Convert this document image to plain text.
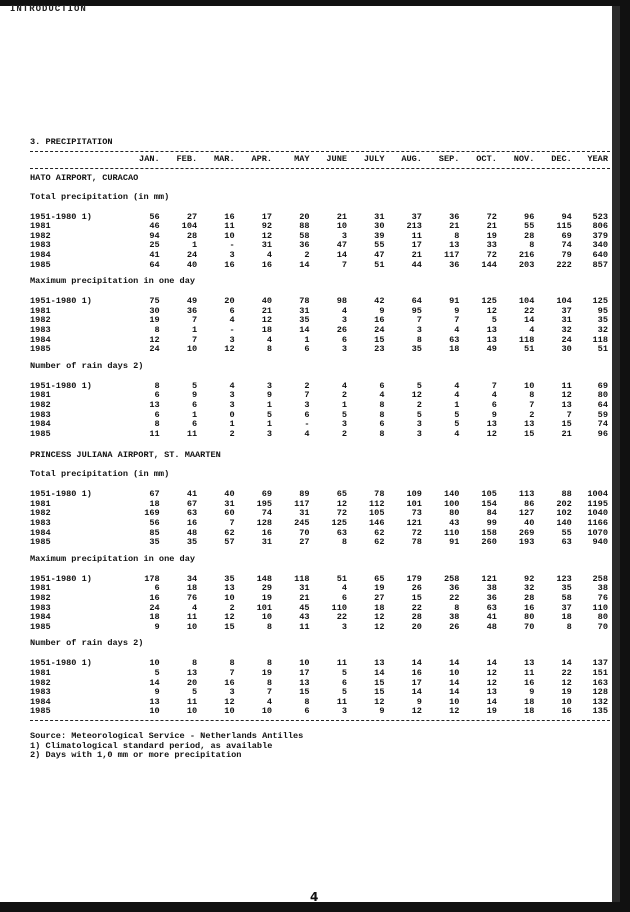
INTRODUCTION
3. PRECIPITATION
	JAN.	FEB.	MAR.	APR.	MAY	JUNE	JULY	AUG.	SEP.	OCT.	NOV.	DEC.	YEAR
HATO AIRPORT, CURACAO
Total precipitation (in mm)
1951-1980 1)	56	27	16	17	20	21	31	37	36	72	96	94	523
1981	46	104	11	92	88	10	30	213	21	21	55	115	806
1982	94	28	10	12	58	3	39	11	8	19	28	69	379
1983	25	1	-	31	36	47	55	17	13	33	8	74	340
1984	41	24	3	4	2	14	47	21	117	72	216	79	640
1985	64	40	16	16	14	7	51	44	36	144	203	222	857
Maximum precipitation in one day
1951-1980 1)	75	49	20	40	78	98	42	64	91	125	104	104	125
1981	30	36	6	21	31	4	9	95	9	12	22	37	95
1982	19	7	4	12	35	3	16	7	7	5	14	31	35
1983	8	1	-	18	14	26	24	3	4	13	4	32	32
1984	12	7	3	4	1	6	15	8	63	13	118	24	118
1985	24	10	12	8	6	3	23	35	18	49	51	30	51
Number of rain days 2)
1951-1980 1)	8	5	4	3	2	4	6	5	4	7	10	11	69
1981	6	9	3	9	7	2	4	12	4	4	8	12	80
1982	13	6	3	1	3	1	8	2	1	6	7	13	64
1983	6	1	0	5	6	5	8	5	5	9	2	7	59
1984	8	6	1	1	-	3	6	3	5	13	13	15	74
1985	11	11	2	3	4	2	8	3	4	12	15	21	96
PRINCESS JULIANA AIRPORT, ST. MAARTEN
Total precipitation (in mm)
1951-1980 1)	67	41	40	69	89	65	78	109	140	105	113	88	1004
1981	18	67	31	195	117	12	112	101	100	154	86	202	1195
1982	169	63	60	74	31	72	105	73	80	84	127	102	1040
1983	56	16	7	128	245	125	146	121	43	99	40	140	1166
1984	85	48	62	16	70	63	62	72	110	158	269	55	1070
1985	35	35	57	31	27	8	62	78	91	260	193	63	940
Maximum precipitation in one day
1951-1980 1)	178	34	35	148	118	51	65	179	258	121	92	123	258
1981	6	18	13	29	31	4	19	26	36	38	32	35	38
1982	16	76	10	19	21	6	27	15	22	36	28	58	76
1983	24	4	2	101	45	110	18	22	8	63	16	37	110
1984	18	11	12	10	43	22	12	28	38	41	80	18	80
1985	9	10	15	8	11	3	12	20	26	48	70	8	70
Number of rain days 2)
1951-1980 1)	10	8	8	8	10	11	13	14	14	14	13	14	137
1981	5	13	7	19	17	5	14	16	10	12	11	22	151
1982	14	20	16	8	13	6	15	17	14	12	16	12	163
1983	9	5	3	7	15	5	15	14	14	13	9	19	128
1984	13	11	12	4	8	11	12	9	10	14	18	10	132
1985	10	10	10	10	6	3	9	12	12	19	18	16	135
Source: Meteorological Service - Netherlands Antilles
1) Climatological standard period, as available
2) Days with 1,0 mm or more precipitation
4
